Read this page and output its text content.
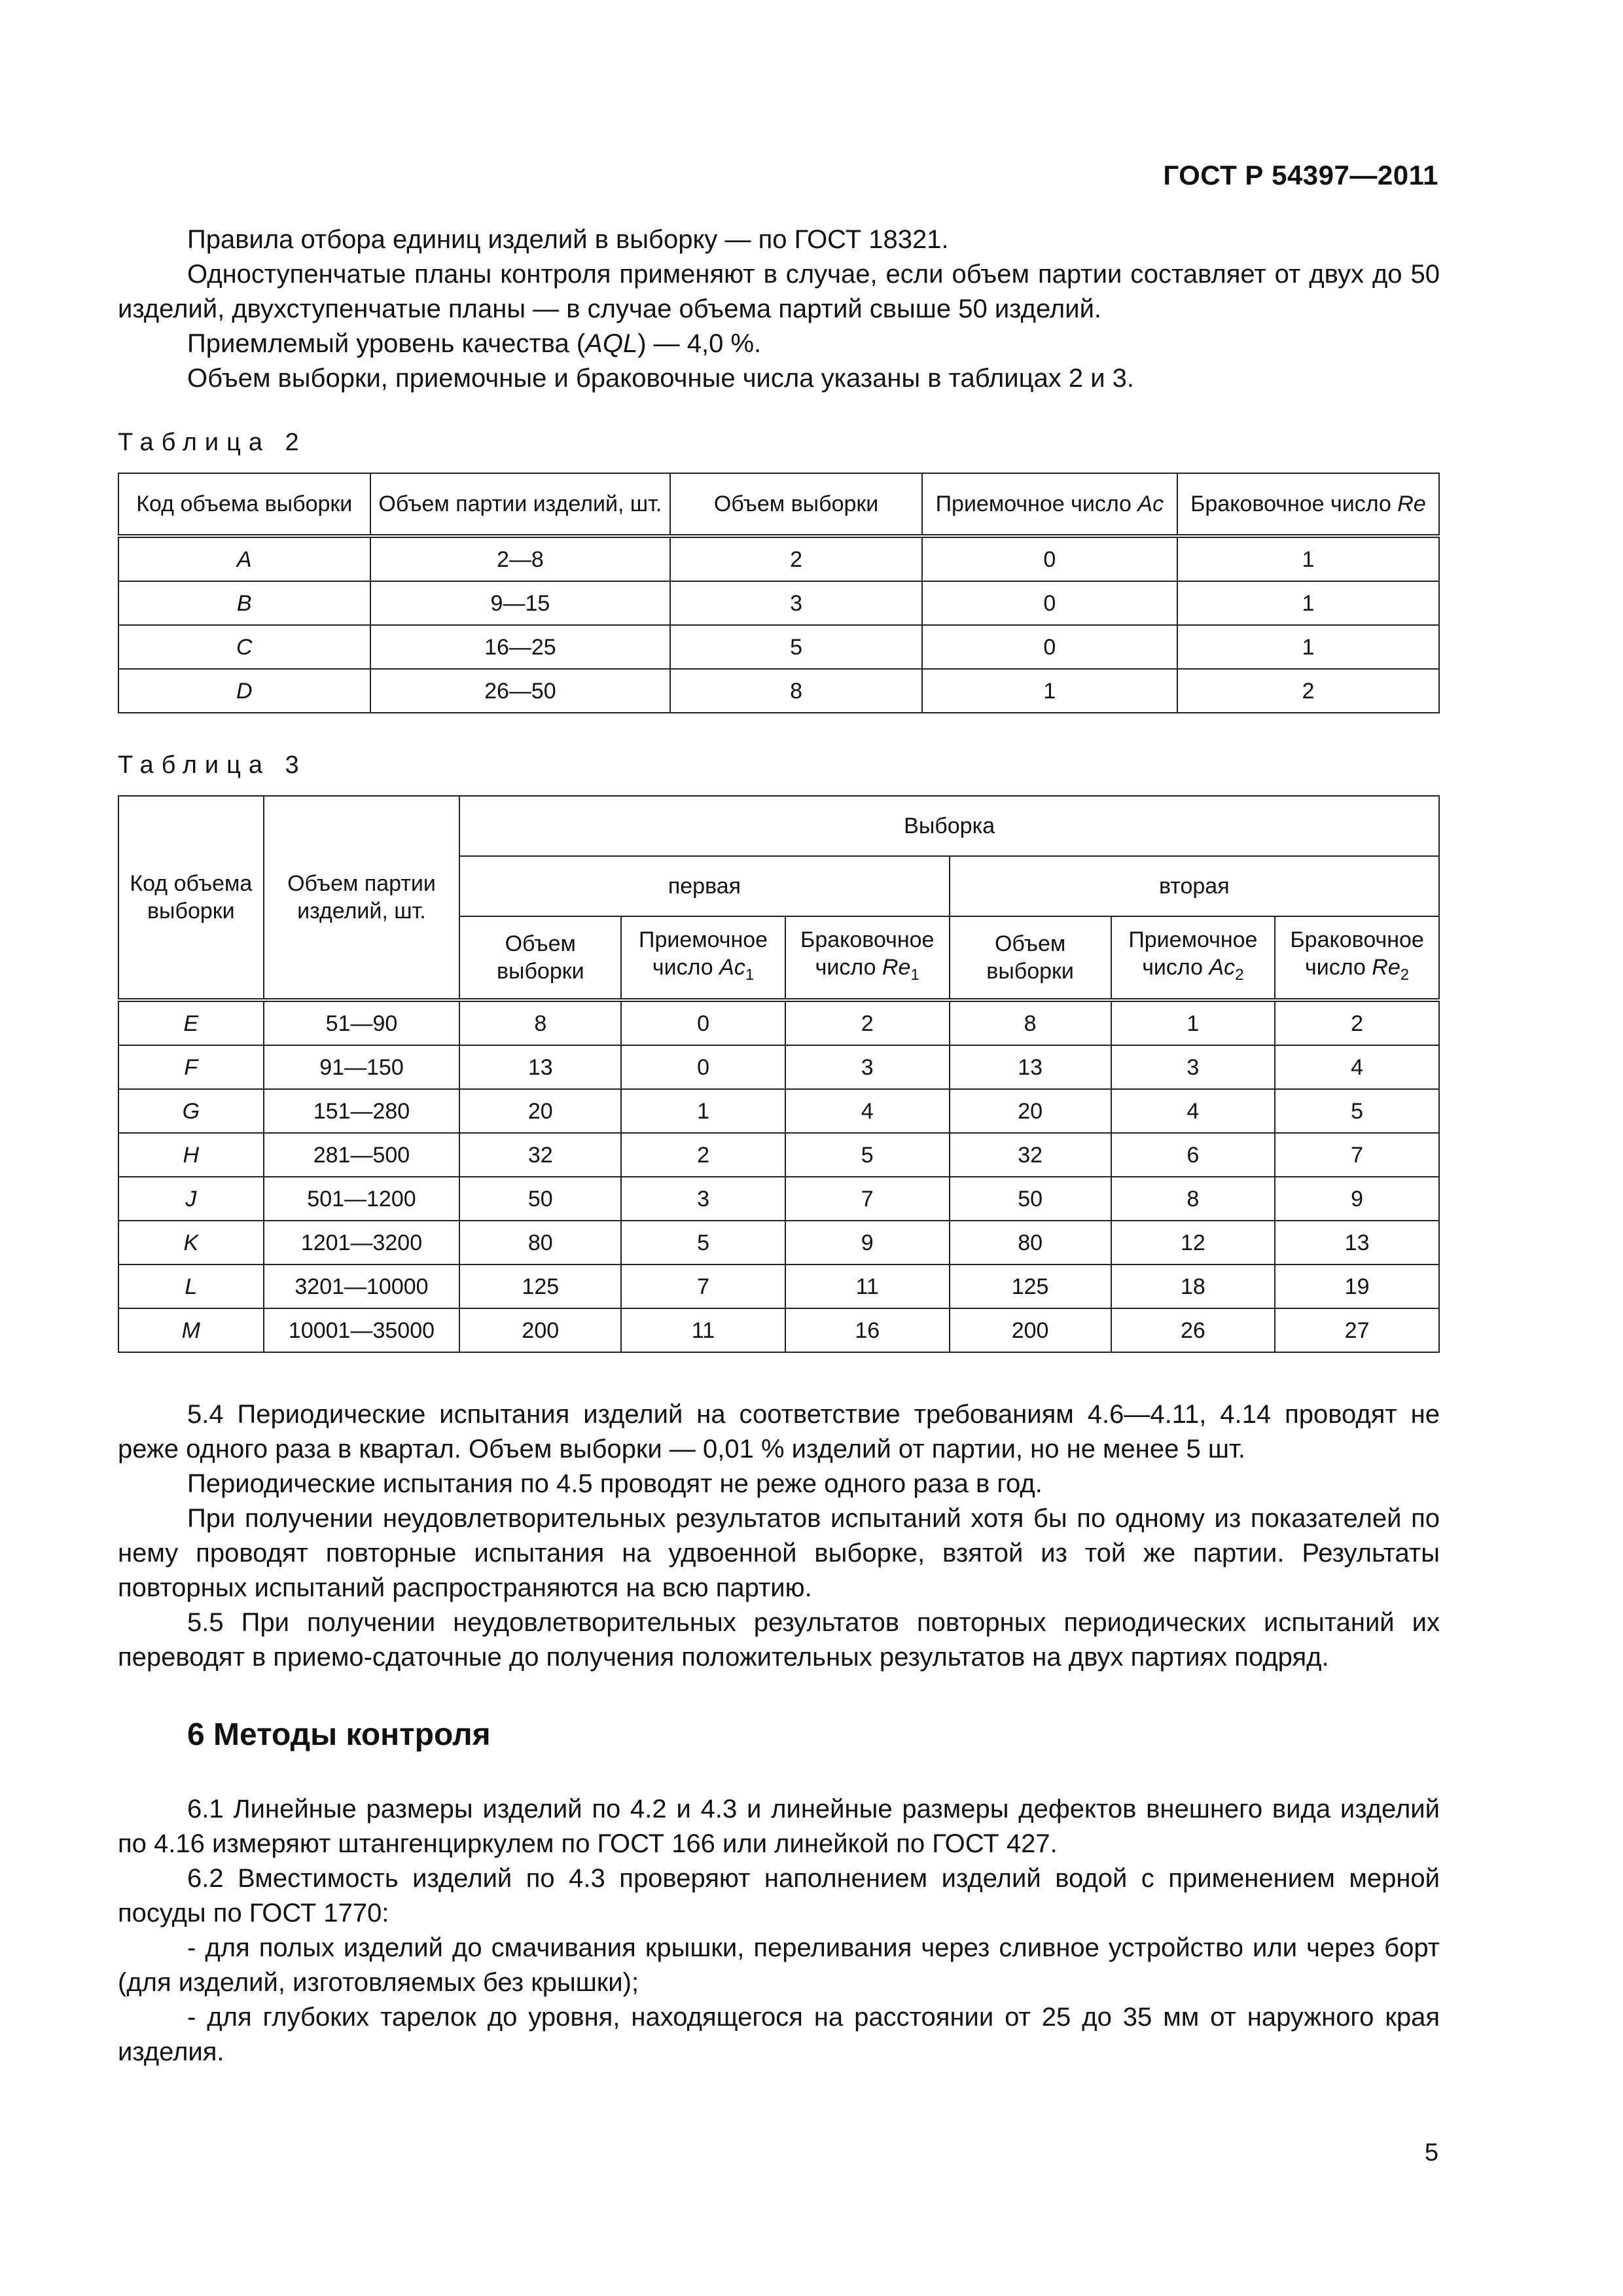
ГОСТ Р 54397—2011

Правила отбора единиц изделий в выборку — по ГОСТ 18321.

Одноступенчатые планы контроля применяют в случае, если объем партии составляет от двух до 50 изделий, двухступенчатые планы — в случае объема партий свыше 50 изделий.

Приемлемый уровень качества (AQL) — 4,0 %.

Объем выборки, приемочные и браковочные числа указаны в таблицах 2 и 3.

Таблица 2

Код объема выборки	Объем партии изделий, шт.	Объем выборки	Приемочное число Ac	Браковочное число Re
A	2—8	2	0	1
B	9—15	3	0	1
C	16—25	5	0	1
D	26—50	8	1	2

Таблица 3

Код объема выборки	Объем партии изделий, шт.	Выборка					
		первая			вторая		
		Объем выборки	Приемочное число $Ac_1$	Браковочное число $Re_1$	Объем выборки	Приемочное число $Ac_2$	Браковочное число $Re_2$
E	51—90	8	0	2	8	1	2
F	91—150	13	0	3	13	3	4
G	151—280	20	1	4	20	4	5
H	281—500	32	2	5	32	6	7
J	501—1200	50	3	7	50	8	9
K	1201—3200	80	5	9	80	12	13
L	3201—10000	125	7	11	125	18	19
M	10001—35000	200	11	16	200	26	27

5.4 Периодические испытания изделий на соответствие требованиям 4.6—4.11, 4.14 проводят не реже одного раза в квартал. Объем выборки — 0,01 % изделий от партии, но не менее 5 шт.

Периодические испытания по 4.5 проводят не реже одного раза в год.

При получении неудовлетворительных результатов испытаний хотя бы по одному из показателей по нему проводят повторные испытания на удвоенной выборке, взятой из той же партии. Результаты повторных испытаний распространяются на всю партию.

5.5 При получении неудовлетворительных результатов повторных периодических испытаний их переводят в приемо-сдаточные до получения положительных результатов на двух партиях подряд.

6 Методы контроля

6.1 Линейные размеры изделий по 4.2 и 4.3 и линейные размеры дефектов внешнего вида изделий по 4.16 измеряют штангенциркулем по ГОСТ 166 или линейкой по ГОСТ 427.

6.2 Вместимость изделий по 4.3 проверяют наполнением изделий водой с применением мерной посуды по ГОСТ 1770:

- для полых изделий до смачивания крышки, переливания через сливное устройство или через борт (для изделий, изготовляемых без крышки);

- для глубоких тарелок до уровня, находящегося на расстоянии от 25 до 35 мм от наружного края изделия.

5
